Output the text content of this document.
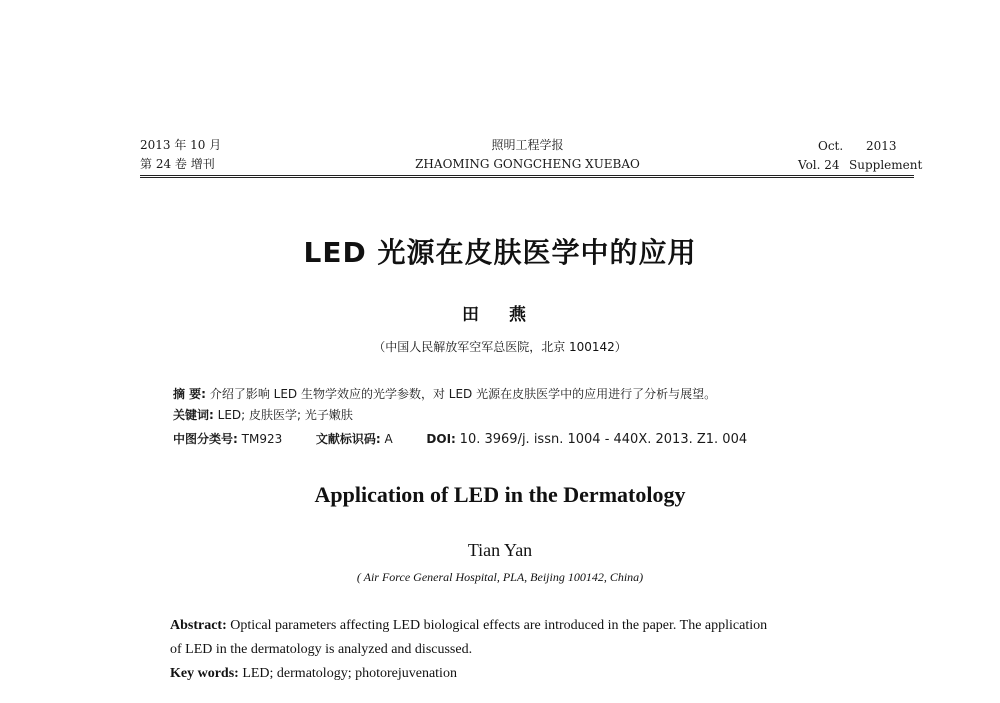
2013 年 10 月
第 24 卷 增刊
照明工程学报
ZHAOMING GONGCHENG XUEBAO
Oct. 2013
Vol. 24 Supplement
LED 光源在皮肤医学中的应用
田 燕
（中国人民解放军空军总医院，北京 100142）
摘 要: 介绍了影响 LED 生物学效应的光学参数，对 LED 光源在皮肤医学中的应用进行了分析与展望。
关键词: LED; 皮肤医学; 光子嫩肤
中图分类号: TM923	文献标识码: A	DOI: 10. 3969/j. issn. 1004 - 440X. 2013. Z1. 004
Application of LED in the Dermatology
Tian Yan
( Air Force General Hospital, PLA, Beijing 100142, China)
Abstract: Optical parameters affecting LED biological effects are introduced in the paper. The application
of LED in the dermatology is analyzed and discussed.
Key words: LED; dermatology; photorejuvenation
